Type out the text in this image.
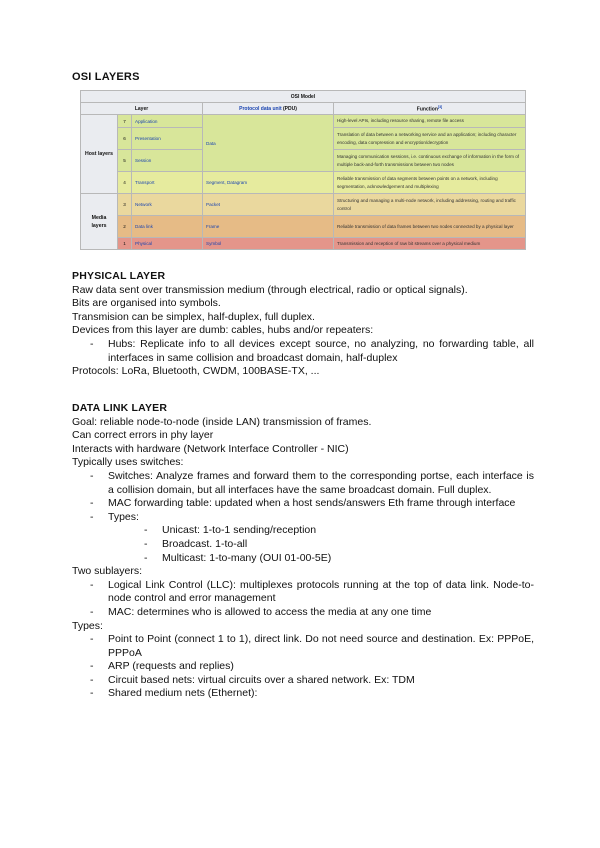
OSI LAYERS
OSI Model				
Layer			Protocol data unit (PDU)	Function[3]
Host layers	7	Application	Data	High-level APIs, including resource sharing, remote file access
	6	Presentation		Translation of data between a networking service and an application; including character encoding, data compression and encryption/decryption
	5	Session		Managing communication sessions, i.e. continuous exchange of information in the form of multiple back-and-forth transmissions between two nodes
	4	Transport	Segment, Datagram	Reliable transmission of data segments between points on a network, including segmentation, acknowledgement and multiplexing
Media layers	3	Network	Packet	Structuring and managing a multi-node network, including addressing, routing and traffic control
	2	Data link	Frame	Reliable transmission of data frames between two nodes connected by a physical layer
	1	Physical	Symbol	Transmission and reception of raw bit streams over a physical medium
PHYSICAL LAYER

Raw data sent over transmission medium (through electrical, radio or optical signals).

Bits are organised into symbols.

Transmision can be simplex, half-duplex, full duplex.

Devices from this layer are dumb: cables, hubs and/or repeaters:

- Hubs: Replicate info to all devices except source, no analyzing, no forwarding table, all interfaces in same collision and broadcast domain, half-duplex

Protocols: LoRa, Bluetooth, CWDM, 100BASE-TX, ...

DATA LINK LAYER

Goal: reliable node-to-node (inside LAN) transmission of frames.

Can correct errors in phy layer

Interacts with hardware (Network Interface Controller - NIC)

Typically uses switches:

- Switches: Analyze frames and forward them to the corresponding portse, each interface is a collision domain, but all interfaces have the same broadcast domain. Full duplex.
- MAC forwarding table: updated when a host sends/answers Eth frame through interface
- Types:
- Unicast: 1-to-1 sending/reception
- Broadcast. 1-to-all
- Multicast: 1-to-many (OUI 01-00-5E)

Two sublayers:

- Logical Link Control (LLC): multiplexes protocols running at the top of data link. Node-to-node control and error management
- MAC: determines who is allowed to access the media at any one time

Types:

- Point to Point (connect 1 to 1), direct link. Do not need source and destination. Ex: PPPoE, PPPoA
- ARP (requests and replies)
- Circuit based nets: virtual circuits over a shared network. Ex: TDM
- Shared medium nets (Ethernet):
